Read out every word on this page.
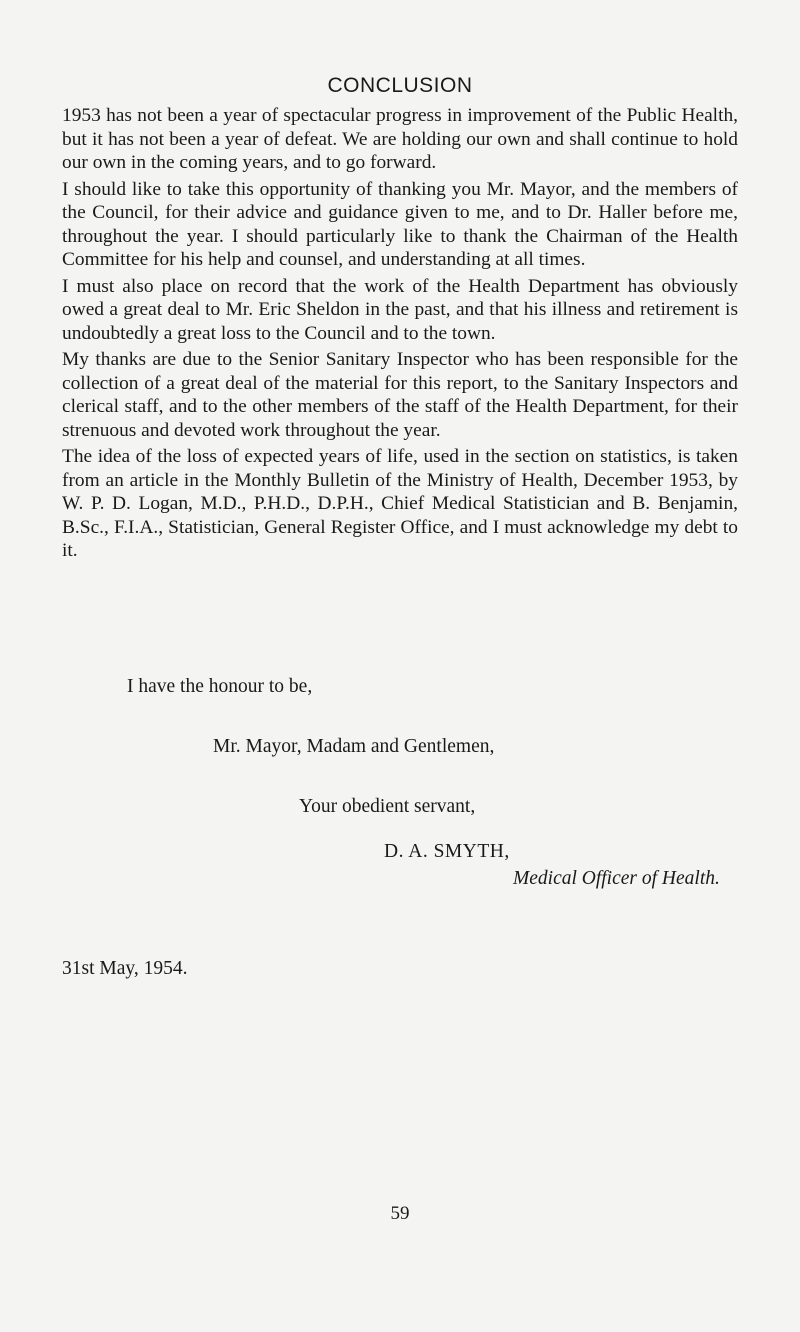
CONCLUSION

1953 has not been a year of spectacular progress in improvement of the Public Health, but it has not been a year of defeat. We are holding our own and shall continue to hold our own in the coming years, and to go forward.

I should like to take this opportunity of thanking you Mr. Mayor, and the members of the Council, for their advice and guidance given to me, and to Dr. Haller before me, throughout the year. I should particularly like to thank the Chairman of the Health Committee for his help and counsel, and understanding at all times.

I must also place on record that the work of the Health Department has obviously owed a great deal to Mr. Eric Sheldon in the past, and that his illness and retirement is undoubtedly a great loss to the Council and to the town.

My thanks are due to the Senior Sanitary Inspector who has been responsible for the collection of a great deal of the material for this report, to the Sanitary Inspectors and clerical staff, and to the other members of the staff of the Health Department, for their strenuous and devoted work throughout the year.

The idea of the loss of expected years of life, used in the section on statistics, is taken from an article in the Monthly Bulletin of the Ministry of Health, December 1953, by W. P. D. Logan, M.D., P.H.D., D.P.H., Chief Medical Statistician and B. Benjamin, B.Sc., F.I.A., Statistician, General Register Office, and I must acknowledge my debt to it.

I have the honour to be,
Mr. Mayor, Madam and Gentlemen,
Your obedient servant,
D. A. SMYTH,
Medical Officer of Health.
31st May, 1954.
59
